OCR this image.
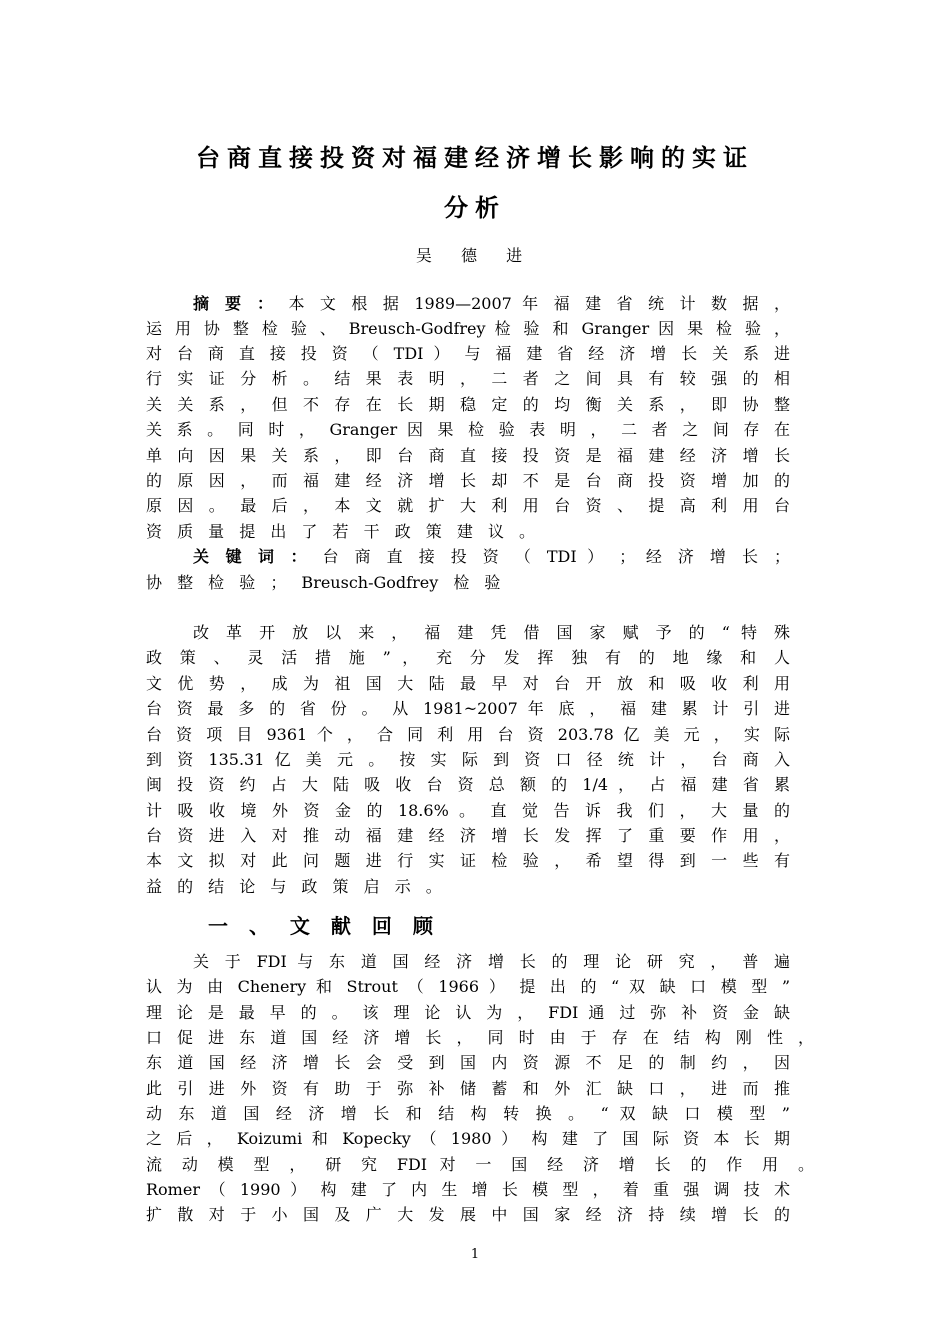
台商直接投资对福建经济增长影响的实证
分析
吴 德 进
摘 要 ： 本 文 根 据 1989—2007 年 福 建 省 统 计 数 据 ，
运 用 协 整 检 验 、 Breusch-Godfrey 检 验 和 Granger 因 果 检 验 ，
对 台 商 直 接 投 资 （ TDI ） 与 福 建 省 经 济 增 长 关 系 进
行 实 证 分 析 。 结 果 表 明 ， 二 者 之 间 具 有 较 强 的 相
关 关 系 ， 但 不 存 在 长 期 稳 定 的 均 衡 关 系 ， 即 协 整
关 系 。 同 时 ， Granger 因 果 检 验 表 明 ， 二 者 之 间 存 在
单 向 因 果 关 系 ， 即 台 商 直 接 投 资 是 福 建 经 济 增 长
的 原 因 ， 而 福 建 经 济 增 长 却 不 是 台 商 投 资 增 加 的
原 因 。 最 后 ， 本 文 就 扩 大 利 用 台 资 、 提 高 利 用 台
资 质 量 提 出 了 若 干 政 策 建 议 。
关 键 词 ： 台 商 直 接 投 资 （ TDI ） ； 经 济 增 长 ；
协 整 检 验 ； Breusch-Godfrey 检 验
改 革 开 放 以 来 ， 福 建 凭 借 国 家 赋 予 的 “ 特 殊
政 策 、 灵 活 措 施 ” ， 充 分 发 挥 独 有 的 地 缘 和 人
文 优 势 ， 成 为 祖 国 大 陆 最 早 对 台 开 放 和 吸 收 利 用
台 资 最 多 的 省 份 。 从 1981~2007 年 底 ， 福 建 累 计 引 进
台 资 项 目 9361 个 ， 合 同 利 用 台 资 203.78 亿 美 元 ， 实 际
到 资 135.31 亿 美 元 。 按 实 际 到 资 口 径 统 计 ， 台 商 入
闽 投 资 约 占 大 陆 吸 收 台 资 总 额 的 1/4 ， 占 福 建 省 累
计 吸 收 境 外 资 金 的 18.6% 。 直 觉 告 诉 我 们 ， 大 量 的
台 资 进 入 对 推 动 福 建 经 济 增 长 发 挥 了 重 要 作 用 ，
本 文 拟 对 此 问 题 进 行 实 证 检 验 ， 希 望 得 到 一 些 有
益 的 结 论 与 政 策 启 示 。
一 、 文 献 回 顾
关 于 FDI 与 东 道 国 经 济 增 长 的 理 论 研 究 ， 普 遍
认 为 由 Chenery 和 Strout （ 1966 ） 提 出 的 “ 双 缺 口 模 型 ”
理 论 是 最 早 的 。 该 理 论 认 为 ， FDI 通 过 弥 补 资 金 缺
口 促 进 东 道 国 经 济 增 长 ， 同 时 由 于 存 在 结 构 刚 性 ，
东 道 国 经 济 增 长 会 受 到 国 内 资 源 不 足 的 制 约 ， 因
此 引 进 外 资 有 助 于 弥 补 储 蓄 和 外 汇 缺 口 ， 进 而 推
动 东 道 国 经 济 增 长 和 结 构 转 换 。 “ 双 缺 口 模 型 ”
之 后 ， Koizumi 和 Kopecky （ 1980 ） 构 建 了 国 际 资 本 长 期
流 动 模 型 ， 研 究 FDI 对 一 国 经 济 增 长 的 作 用 。
Romer （ 1990 ） 构 建 了 内 生 增 长 模 型 ， 着 重 强 调 技 术
扩 散 对 于 小 国 及 广 大 发 展 中 国 家 经 济 持 续 增 长 的
1
